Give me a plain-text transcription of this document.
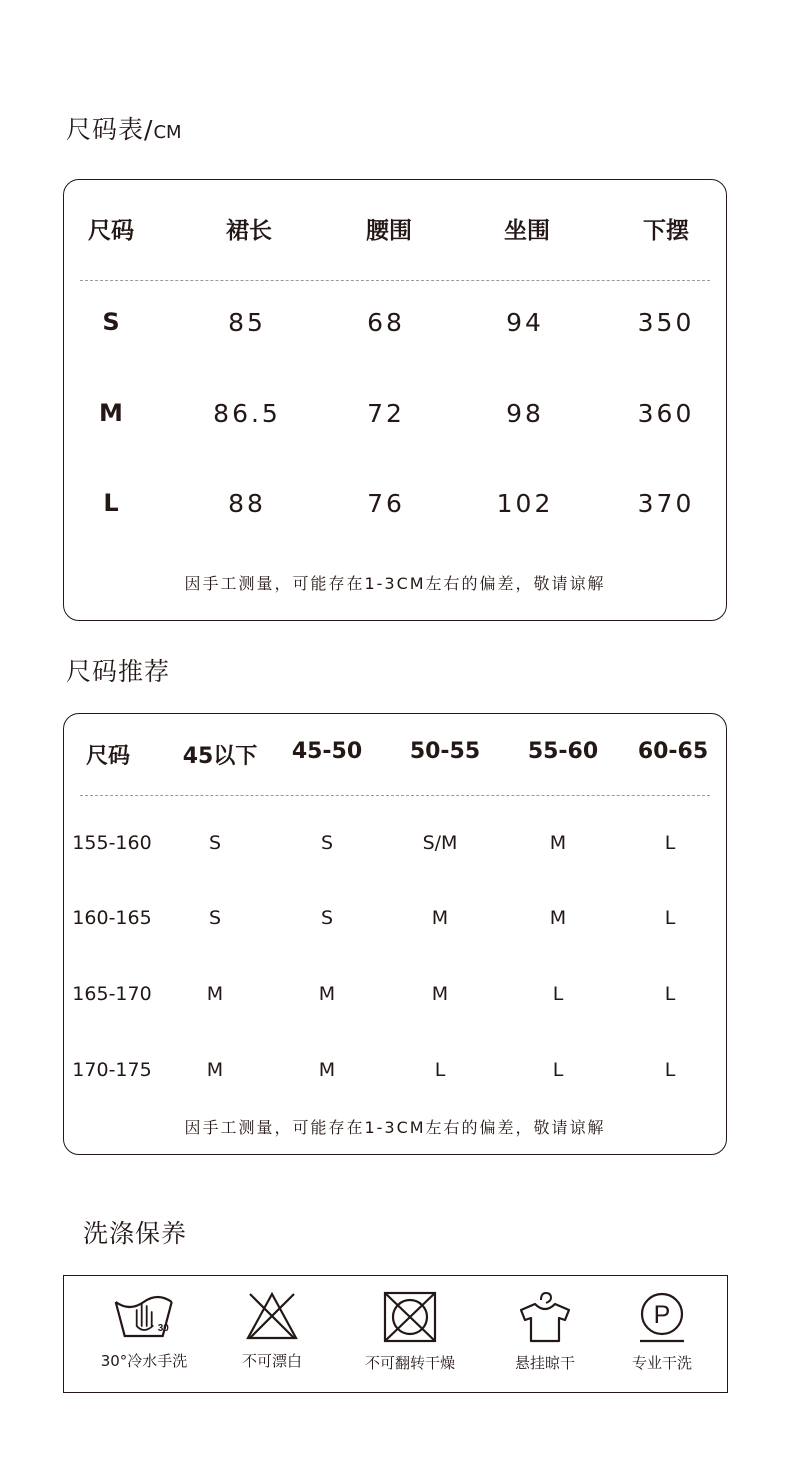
尺码表/CM
尺码	裙长	腰围	坐围	下摆
S	85	68	94	350
M	86.5	72	98	360
L	88	76	102	370
因手工测量，可能存在1-3CM左右的偏差，敬请谅解
尺码推荐
尺码 45以下 45-50 50-55 55-60 60-65
155-160	S	S	S/M	M	L
160-165	S	S	M	M	L
165-170	M	M	M	L	L
170-175	M	M	L	L	L
因手工测量，可能存在1-3CM左右的偏差，敬请谅解
洗涤保养
30
30°冷水手洗	不可漂白	不可翻转干燥	悬挂晾干
P
专业干洗
